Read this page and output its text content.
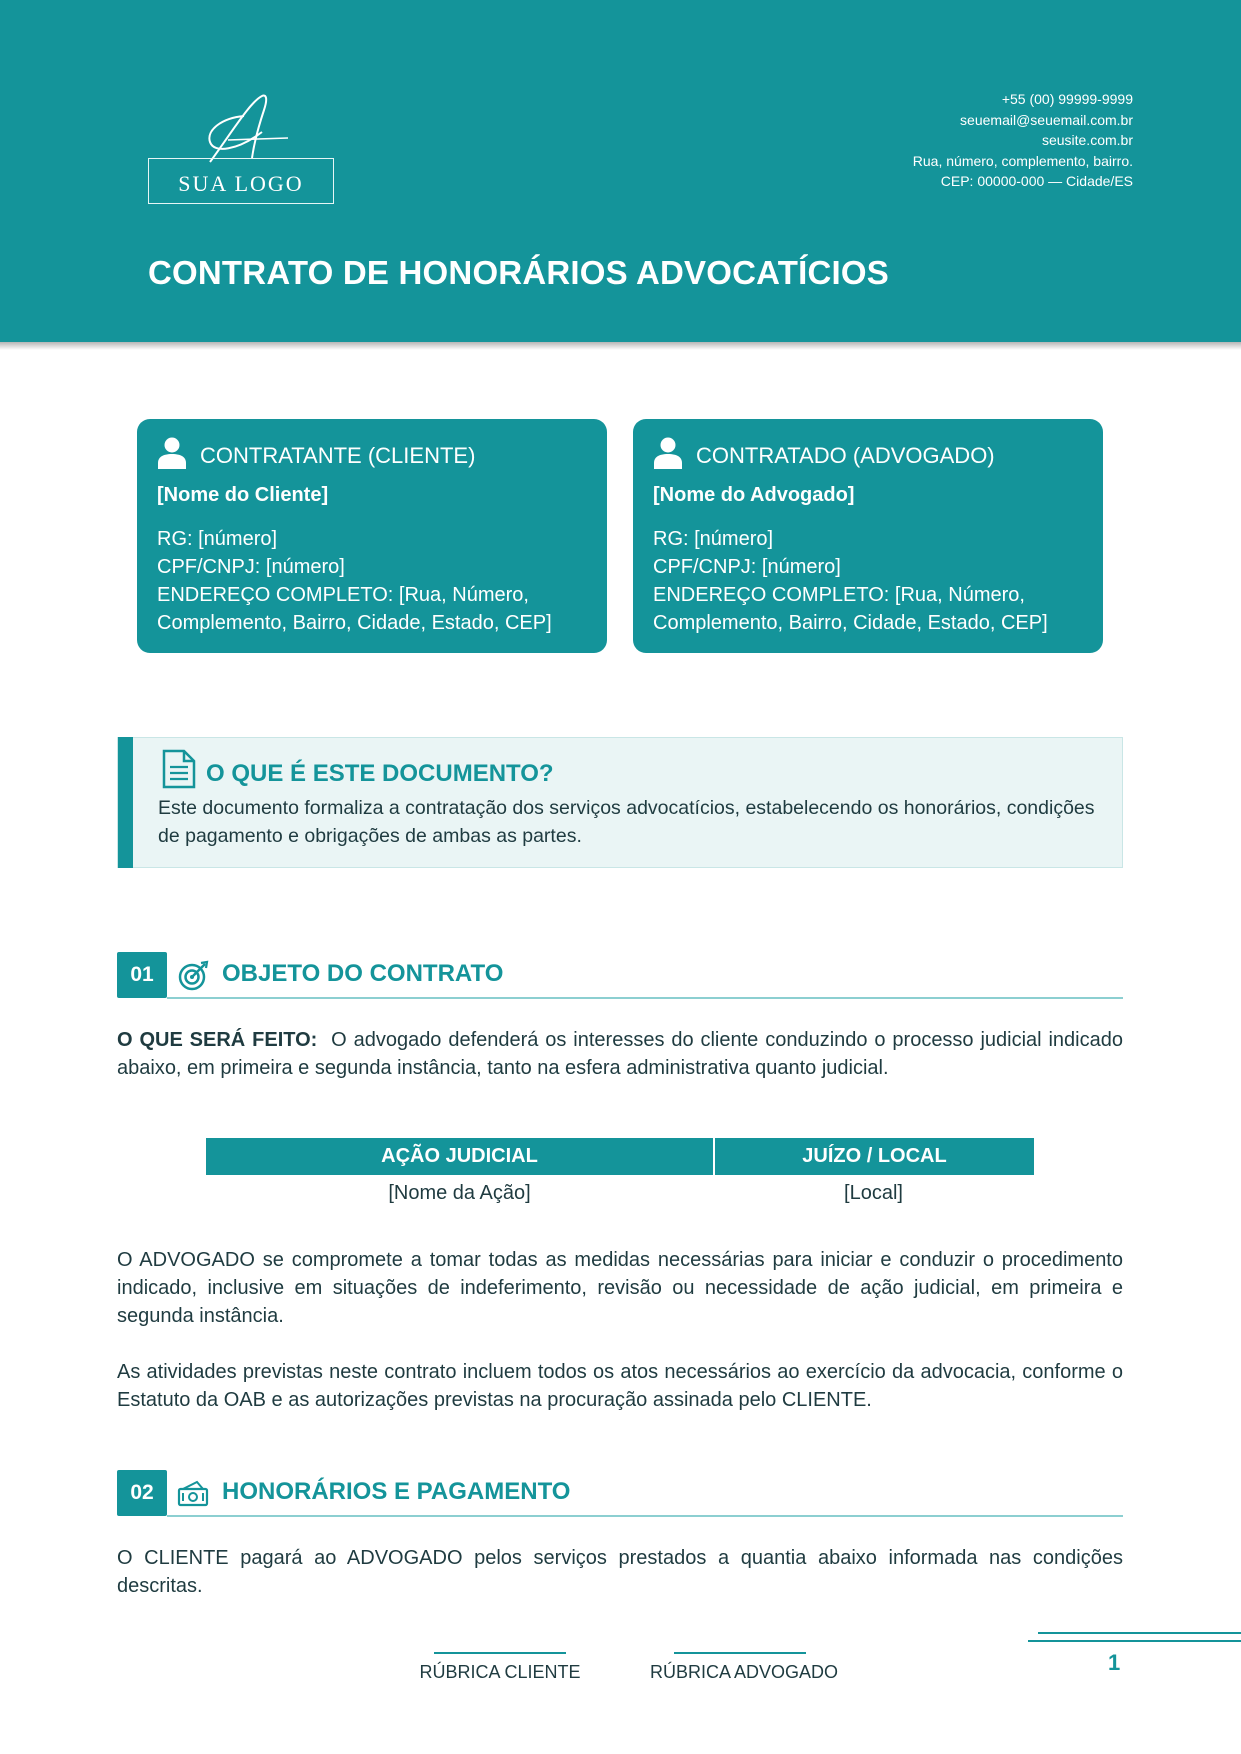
SUA LOGO
+55 (00) 99999-9999
seuemail@seuemail.com.br
seusite.com.br
Rua, número, complemento, bairro.
CEP: 00000-000 — Cidade/ES
CONTRATO DE HONORÁRIOS ADVOCATÍCIOS
CONTRATANTE (CLIENTE)
[Nome do Cliente]
RG: [número]
CPF/CNPJ: [número]
ENDEREÇO COMPLETO: [Rua, Número,
Complemento, Bairro, Cidade, Estado, CEP]
CONTRATADO (ADVOGADO)
[Nome do Advogado]
RG: [número]
CPF/CNPJ: [número]
ENDEREÇO COMPLETO: [Rua, Número,
Complemento, Bairro, Cidade, Estado, CEP]
O QUE É ESTE DOCUMENTO?
Este documento formaliza a contratação dos serviços advocatícios, estabelecendo os honorários, condições de pagamento e obrigações de ambas as partes.
01	OBJETO DO CONTRATO
O QUE SERÁ FEITO: O advogado defenderá os interesses do cliente conduzindo o processo judicial indicado abaixo, em primeira e segunda instância, tanto na esfera administrativa quanto judicial.
AÇÃO JUDICIAL	JUÍZO / LOCAL
[Nome da Ação]	[Local]
O ADVOGADO se compromete a tomar todas as medidas necessárias para iniciar e conduzir o procedimento indicado, inclusive em situações de indeferimento, revisão ou necessidade de ação judicial, em primeira e segunda instância.
As atividades previstas neste contrato incluem todos os atos necessários ao exercício da advocacia, conforme o Estatuto da OAB e as autorizações previstas na procuração assinada pelo CLIENTE.
02	HONORÁRIOS E PAGAMENTO
O CLIENTE pagará ao ADVOGADO pelos serviços prestados a quantia abaixo informada nas condições descritas.
RÚBRICA CLIENTE	RÚBRICA ADVOGADO	1
